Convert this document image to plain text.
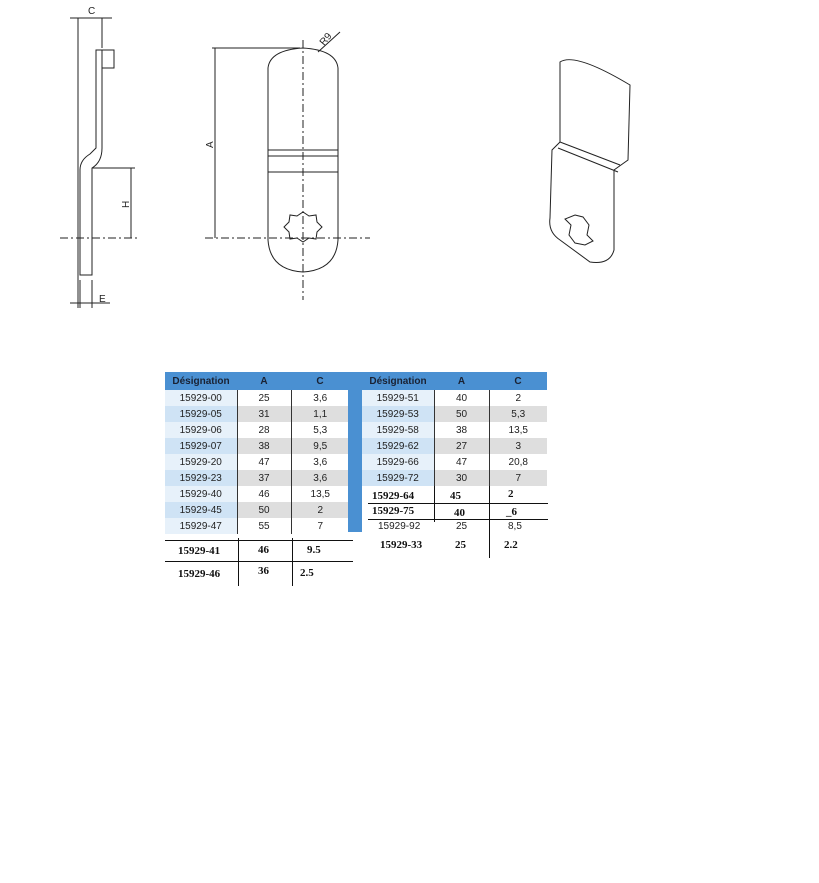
C
R9
A
H
E
Désignation	A	C
15929-00	25	3,6
15929-05	31	1,1
15929-06	28	5,3
15929-07	38	9,5
15929-20	47	3,6
15929-23	37	3,6
15929-40	46	13,5
15929-45	50	2
15929-47	55	7
15929-41	46	9.5
15929-46	36	2.5
Désignation	A	C
15929-51	40	2
15929-53	50	5,3
15929-58	38	13,5
15929-62	27	3
15929-66	47	20,8
15929-72	30	7
15929-64	45	2
15929-75	40	_6
15929-92	25	8,5
15929-33	25	2.2
